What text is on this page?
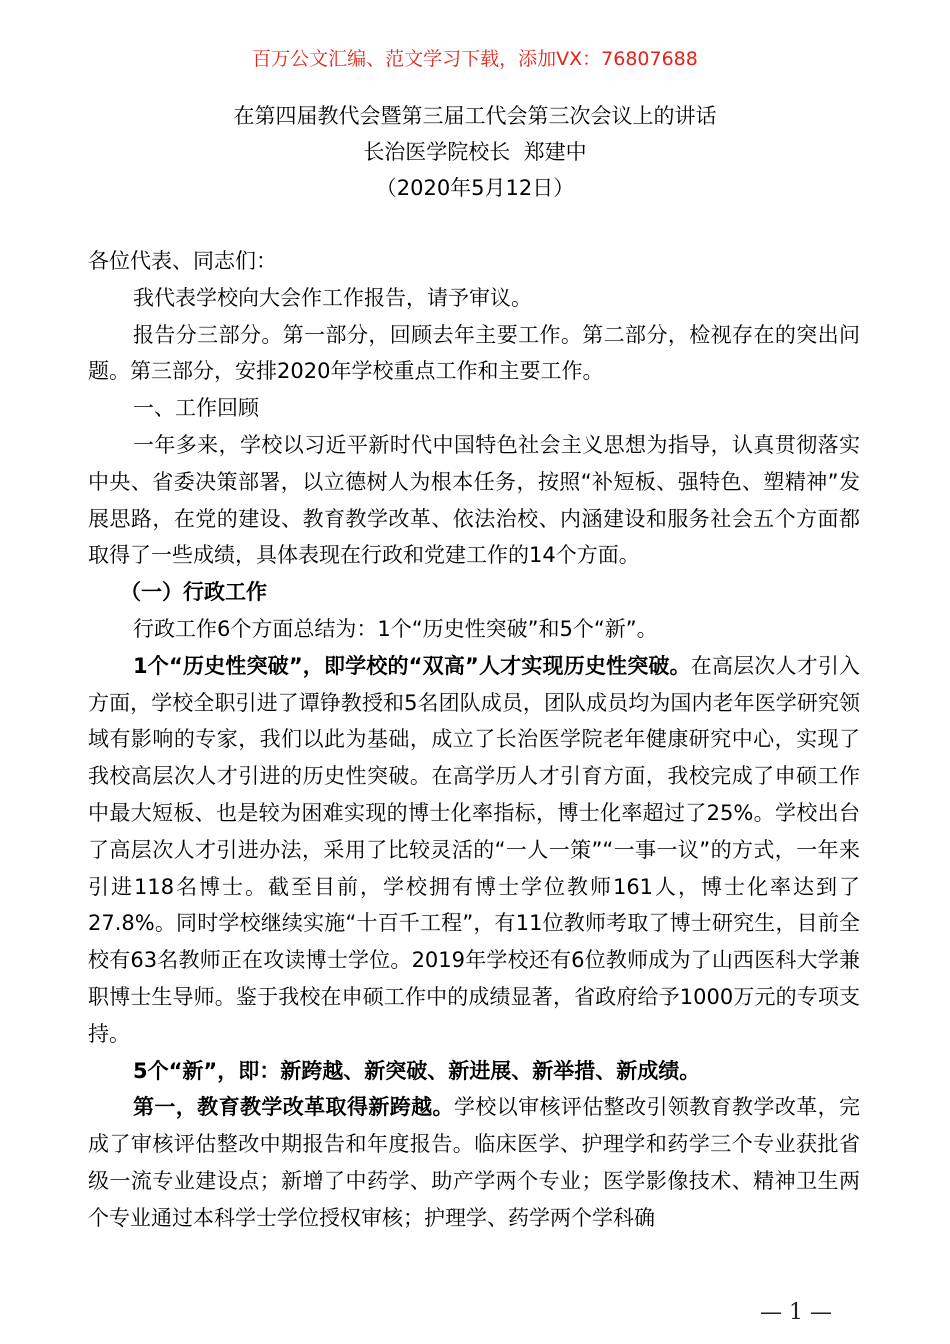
百万公文汇编、范文学习下载，添加VX：76807688
在第四届教代会暨第三届工代会第三次会议上的讲话
长治医学院校长  郑建中
（2020年5月12日）

各位代表、同志们：

我代表学校向大会作工作报告，请予审议。

报告分三部分。第一部分，回顾去年主要工作。第二部分，检视存在的突出问题。第三部分，安排2020年学校重点工作和主要工作。

一、工作回顾

一年多来，学校以习近平新时代中国特色社会主义思想为指导，认真贯彻落实中央、省委决策部署，以立德树人为根本任务，按照“补短板、强特色、塑精神”发展思路，在党的建设、教育教学改革、依法治校、内涵建设和服务社会五个方面都取得了一些成绩，具体表现在行政和党建工作的14个方面。

（一）行政工作

行政工作6个方面总结为：1个“历史性突破”和5个“新”。

1个“历史性突破”，即学校的“双高”人才实现历史性突破。在高层次人才引入方面，学校全职引进了谭铮教授和5名团队成员，团队成员均为国内老年医学研究领域有影响的专家，我们以此为基础，成立了长治医学院老年健康研究中心，实现了我校高层次人才引进的历史性突破。在高学历人才引育方面，我校完成了申硕工作中最大短板、也是较为困难实现的博士化率指标，博士化率超过了25%。学校出台了高层次人才引进办法，采用了比较灵活的“一人一策”“一事一议”的方式，一年来引进118名博士。截至目前，学校拥有博士学位教师161人，博士化率达到了27.8%。同时学校继续实施“十百千工程”，有11位教师考取了博士研究生，目前全校有63名教师正在攻读博士学位。2019年学校还有6位教师成为了山西医科大学兼职博士生导师。鉴于我校在申硕工作中的成绩显著，省政府给予1000万元的专项支持。

5个“新”，即：新跨越、新突破、新进展、新举措、新成绩。

第一，教育教学改革取得新跨越。学校以审核评估整改引领教育教学改革，完成了审核评估整改中期报告和年度报告。临床医学、护理学和药学三个专业获批省级一流专业建设点；新增了中药学、助产学两个专业；医学影像技术、精神卫生两个专业通过本科学士学位授权审核；护理学、药学两个学科确

— 1 —
